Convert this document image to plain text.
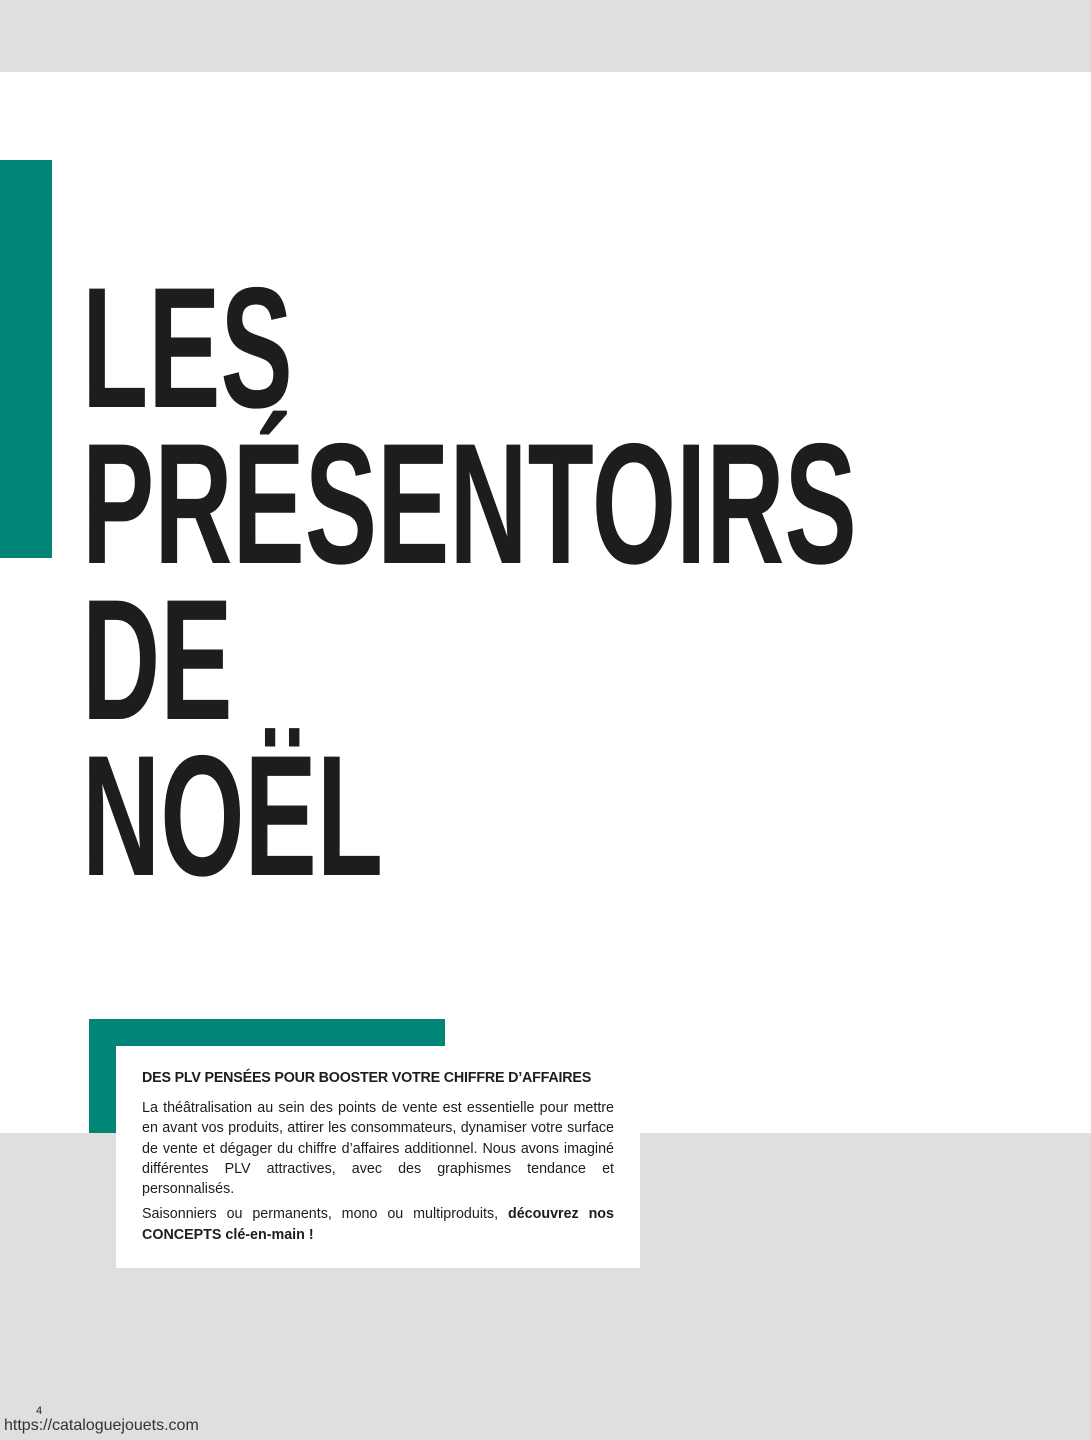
LES
PRÉSENTOIRS
DE
NOËL
DES PLV PENSÉES POUR BOOSTER VOTRE CHIFFRE D’AFFAIRES

La théâtralisation au sein des points de vente est essentielle pour mettre en avant vos produits, attirer les consommateurs, dynamiser votre surface de vente et dégager du chiffre d’affaires additionnel. Nous avons imaginé différentes PLV attractives, avec des graphismes tendance et personnalisés.

Saisonniers ou permanents, mono ou multiproduits, découvrez nos CONCEPTS clé-en-main !

4
https://cataloguejouets.com
